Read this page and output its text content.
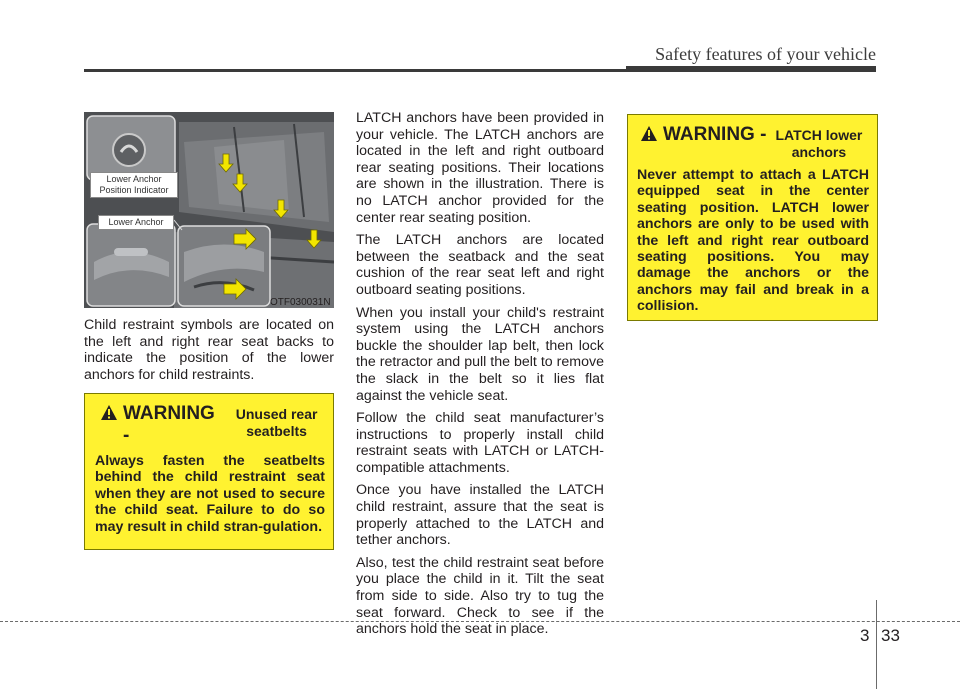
Safety features of your vehicle
Lower Anchor Position Indicator
Lower Anchor
OTF030031N

Child restraint symbols are located on the left and right rear seat backs to indicate the position of the lower anchors for child restraints.

WARNING -
Unused rear seatbelts
Always fasten the seatbelts behind the child restraint seat when they are not used to secure the child seat. Failure to do so may result in child stran-gulation.

LATCH anchors have been provided in your vehicle. The LATCH anchors are located in the left and right outboard rear seating positions. Their locations are shown in the illustration. There is no LATCH anchor provided for the center rear seating position.

The LATCH anchors are located between the seatback and the seat cushion of the rear seat left and right outboard seating positions.

When you install your child's restraint system using the LATCH anchors buckle the shoulder lap belt, then lock the retractor and pull the belt to remove the slack in the belt so it lies flat against the vehicle seat.

Follow the child seat manufacturer’s instructions to properly install child restraint seats with LATCH or LATCH-compatible attachments.

Once you have installed the LATCH child restraint, assure that the seat is properly attached to the LATCH and tether anchors.

Also, test the child restraint seat before you place the child in it. Tilt the seat from side to side. Also try to tug the seat forward. Check to see if the anchors hold the seat in place.

WARNING - LATCH lower anchors
Never attempt to attach a LATCH equipped seat in the center seating position. LATCH lower anchors are only to be used with the left and right rear outboard seating positions. You may damage the anchors or the anchors may fail and break in a collision.
3 33
